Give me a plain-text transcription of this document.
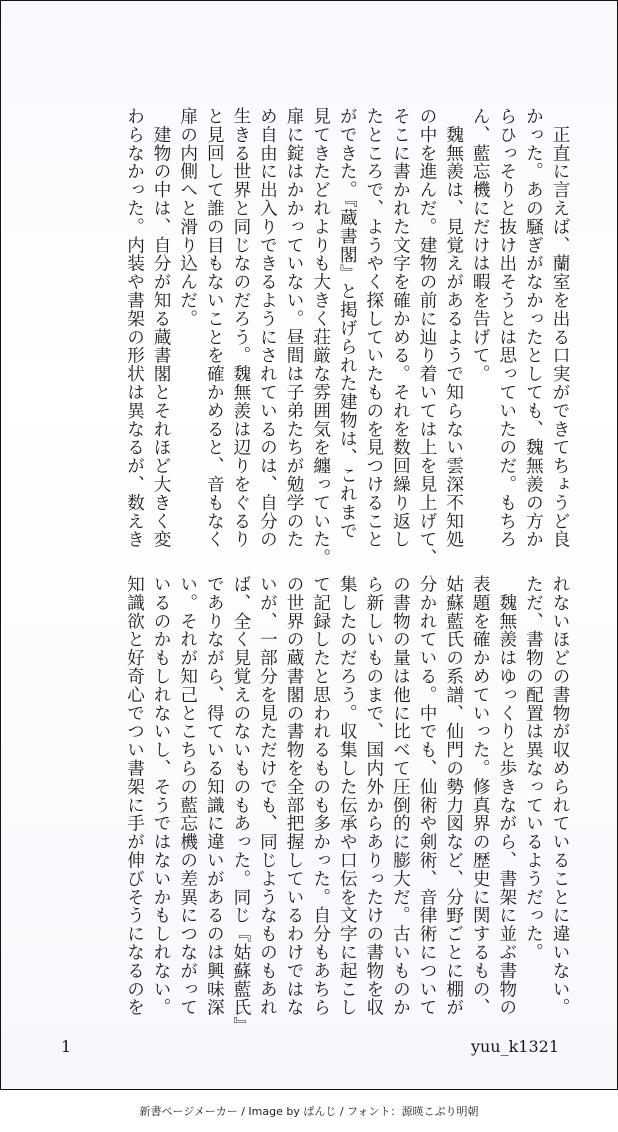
　正直に言えば、蘭室を出る口実ができてちょうど良
かった。あの騒ぎがなかったとしても、魏無羨の方か
らひっそりと抜け出そうとは思っていたのだ。もちろ
ん、藍忘機にだけは暇を告げて。
　魏無羨は、見覚えがあるようで知らない雲深不知処
の中を進んだ。建物の前に辿り着いては上を見上げて、
そこに書かれた文字を確かめる。それを数回繰り返し
たところで、ようやく探していたものを見つけること
ができた。『蔵書閣』と掲げられた建物は、これまで
見てきたどれよりも大きく荘厳な雰囲気を纏っていた。
扉に錠はかかっていない。昼間は子弟たちが勉学のた
め自由に出入りできるようにされているのは、自分の
生きる世界と同じなのだろう。魏無羨は辺りをぐるり
と見回して誰の目もないことを確かめると、音もなく
扉の内側へと滑り込んだ。
　建物の中は、自分が知る蔵書閣とそれほど大きく変
わらなかった。内装や書架の形状は異なるが、数えき
れないほどの書物が収められていることに違いない。
ただ、書物の配置は異なっているようだった。
　魏無羨はゆっくりと歩きながら、書架に並ぶ書物の
表題を確かめていった。修真界の歴史に関するもの、
姑蘇藍氏の系譜、仙門の勢力図など、分野ごとに棚が
分かれている。中でも、仙術や剣術、音律術について
の書物の量は他に比べて圧倒的に膨大だ。古いものか
ら新しいものまで、国内外からありったけの書物を収
集したのだろう。収集した伝承や口伝を文字に起こし
て記録したと思われるものも多かった。自分もあちら
の世界の蔵書閣の書物を全部把握しているわけではな
いが、一部分を見ただけでも、同じようなものもあれ
ば、全く見覚えのないものもあった。同じ『姑蘇藍氏』
でありながら、得ている知識に違いがあるのは興味深
い。それが知己とこちらの藍忘機の差異につながって
いるのかもしれないし、そうではないかもしれない。
知識欲と好奇心でつい書架に手が伸びそうになるのを
1	yuu_k1321
新書ページメーカー / Image by ぱんじ / フォント：源暎こぶり明朝
